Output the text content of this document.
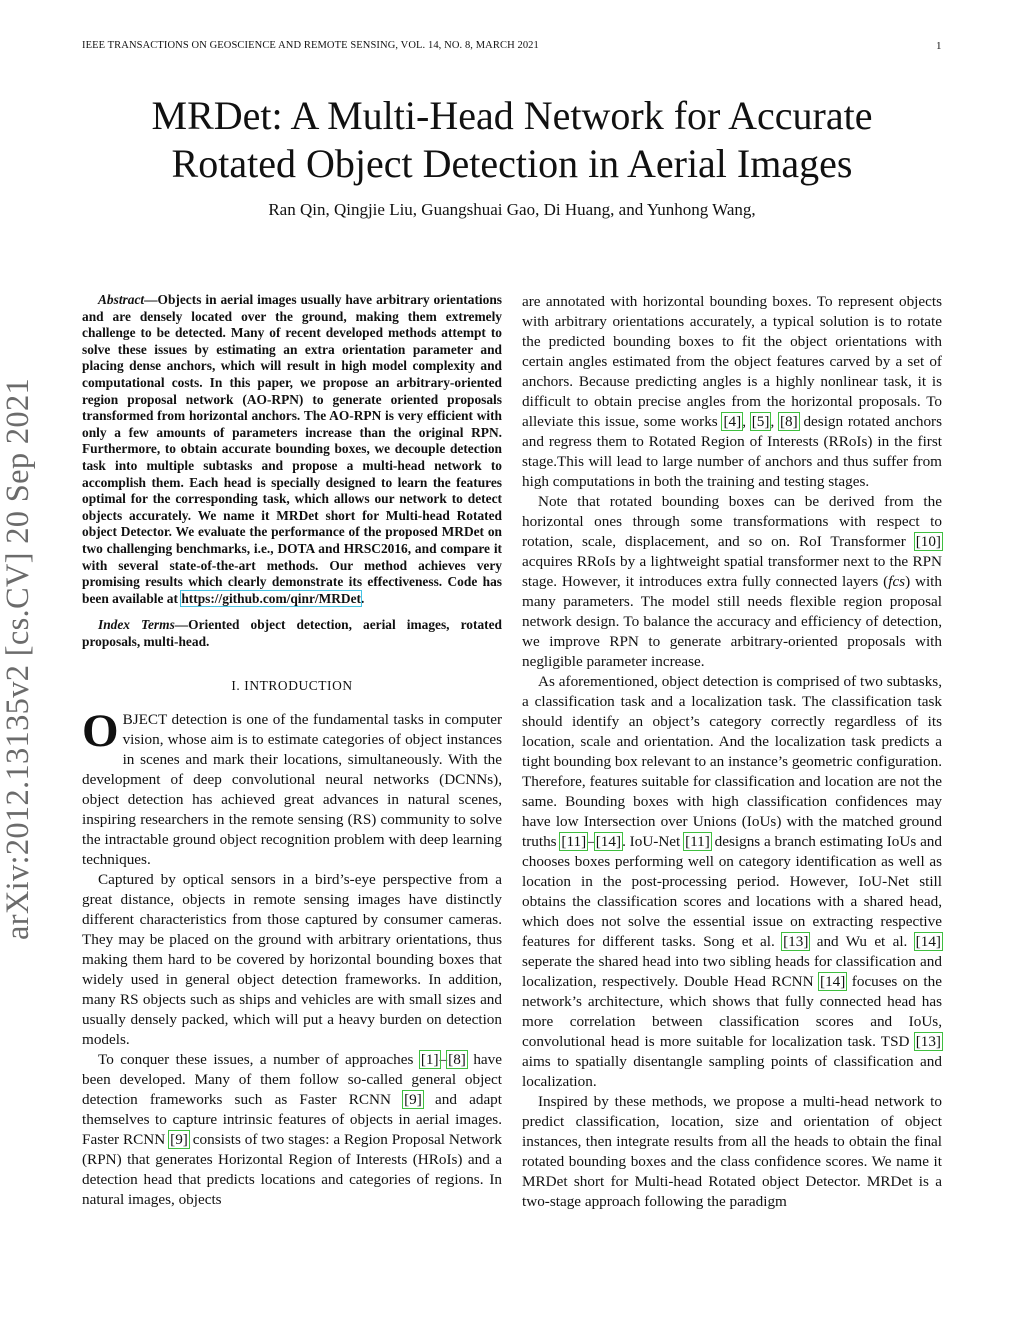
IEEE TRANSACTIONS ON GEOSCIENCE AND REMOTE SENSING, VOL. 14, NO. 8, MARCH 2021	1
MRDet: A Multi-Head Network for Accurate
Rotated Object Detection in Aerial Images
Ran Qin, Qingjie Liu, Guangshuai Gao, Di Huang, and Yunhong Wang,
arXiv:2012.13135v2 [cs.CV] 20 Sep 2021

Abstract—Objects in aerial images usually have arbitrary orientations and are densely located over the ground, making them extremely challenge to be detected. Many of recent developed methods attempt to solve these issues by estimating an extra orientation parameter and placing dense anchors, which will result in high model complexity and computational costs. In this paper, we propose an arbitrary-oriented region proposal network (AO-RPN) to generate oriented proposals transformed from horizontal anchors. The AO-RPN is very efficient with only a few amounts of parameters increase than the original RPN. Furthermore, to obtain accurate bounding boxes, we decouple detection task into multiple subtasks and propose a multi-head network to accomplish them. Each head is specially designed to learn the features optimal for the corresponding task, which allows our network to detect objects accurately. We name it MRDet short for Multi-head Rotated object Detector. We evaluate the performance of the proposed MRDet on two challenging benchmarks, i.e., DOTA and HRSC2016, and compare it with several state-of-the-art methods. Our method achieves very promising results which clearly demonstrate its effectiveness. Code has been available at https://github.com/qinr/MRDet.

Index Terms—Oriented object detection, aerial images, rotated proposals, multi-head.

I. INTRODUCTION

OBJECT detection is one of the fundamental tasks in computer vision, whose aim is to estimate categories of object instances in scenes and mark their locations, simultaneously. With the development of deep convolutional neural networks (DCNNs), object detection has achieved great advances in natural scenes, inspiring researchers in the remote sensing (RS) community to solve the intractable ground object recognition problem with deep learning techniques.

Captured by optical sensors in a bird’s-eye perspective from a great distance, objects in remote sensing images have distinctly different characteristics from those captured by consumer cameras. They may be placed on the ground with arbitrary orientations, thus making them hard to be covered by horizontal bounding boxes that widely used in general object detection frameworks. In addition, many RS objects such as ships and vehicles are with small sizes and usually densely packed, which will put a heavy burden on detection models.

To conquer these issues, a number of approaches [1]–[8] have been developed. Many of them follow so-called general object detection frameworks such as Faster RCNN [9] and adapt themselves to capture intrinsic features of objects in aerial images. Faster RCNN [9] consists of two stages: a Region Proposal Network (RPN) that generates Horizontal Region of Interests (HRoIs) and a detection head that predicts locations and categories of regions. In natural images, objects

are annotated with horizontal bounding boxes. To represent objects with arbitrary orientations accurately, a typical solution is to rotate the predicted bounding boxes to fit the object orientations with certain angles estimated from the object features carved by a set of anchors. Because predicting angles is a highly nonlinear task, it is difficult to obtain precise angles from the horizontal proposals. To alleviate this issue, some works [4], [5], [8] design rotated anchors and regress them to Rotated Region of Interests (RRoIs) in the first stage.This will lead to large number of anchors and thus suffer from high computations in both the training and testing stages.

Note that rotated bounding boxes can be derived from the horizontal ones through some transformations with respect to rotation, scale, displacement, and so on. RoI Transformer [10] acquires RRoIs by a lightweight spatial transformer next to the RPN stage. However, it introduces extra fully connected layers (fcs) with many parameters. The model still needs flexible region proposal network design. To balance the accuracy and efficiency of detection, we improve RPN to generate arbitrary-oriented proposals with negligible parameter increase.

As aforementioned, object detection is comprised of two subtasks, a classification task and a localization task. The classification task should identify an object’s category correctly regardless of its location, scale and orientation. And the localization task predicts a tight bounding box relevant to an instance’s geometric configuration. Therefore, features suitable for classification and location are not the same. Bounding boxes with high classification confidences may have low Intersection over Unions (IoUs) with the matched ground truths [11]–[14]. IoU-Net [11] designs a branch estimating IoUs and chooses boxes performing well on category identification as well as location in the post-processing period. However, IoU-Net still obtains the classification scores and locations with a shared head, which does not solve the essential issue on extracting respective features for different tasks. Song et al. [13] and Wu et al. [14] seperate the shared head into two sibling heads for classification and localization, respectively. Double Head RCNN [14] focuses on the network’s architecture, which shows that fully connected head has more correlation between classification scores and IoUs, convolutional head is more suitable for localization task. TSD [13] aims to spatially disentangle sampling points of classification and localization.

Inspired by these methods, we propose a multi-head network to predict classification, location, size and orientation of object instances, then integrate results from all the heads to obtain the final rotated bounding boxes and the class confidence scores. We name it MRDet short for Multi-head Rotated object Detector. MRDet is a two-stage approach following the paradigm
